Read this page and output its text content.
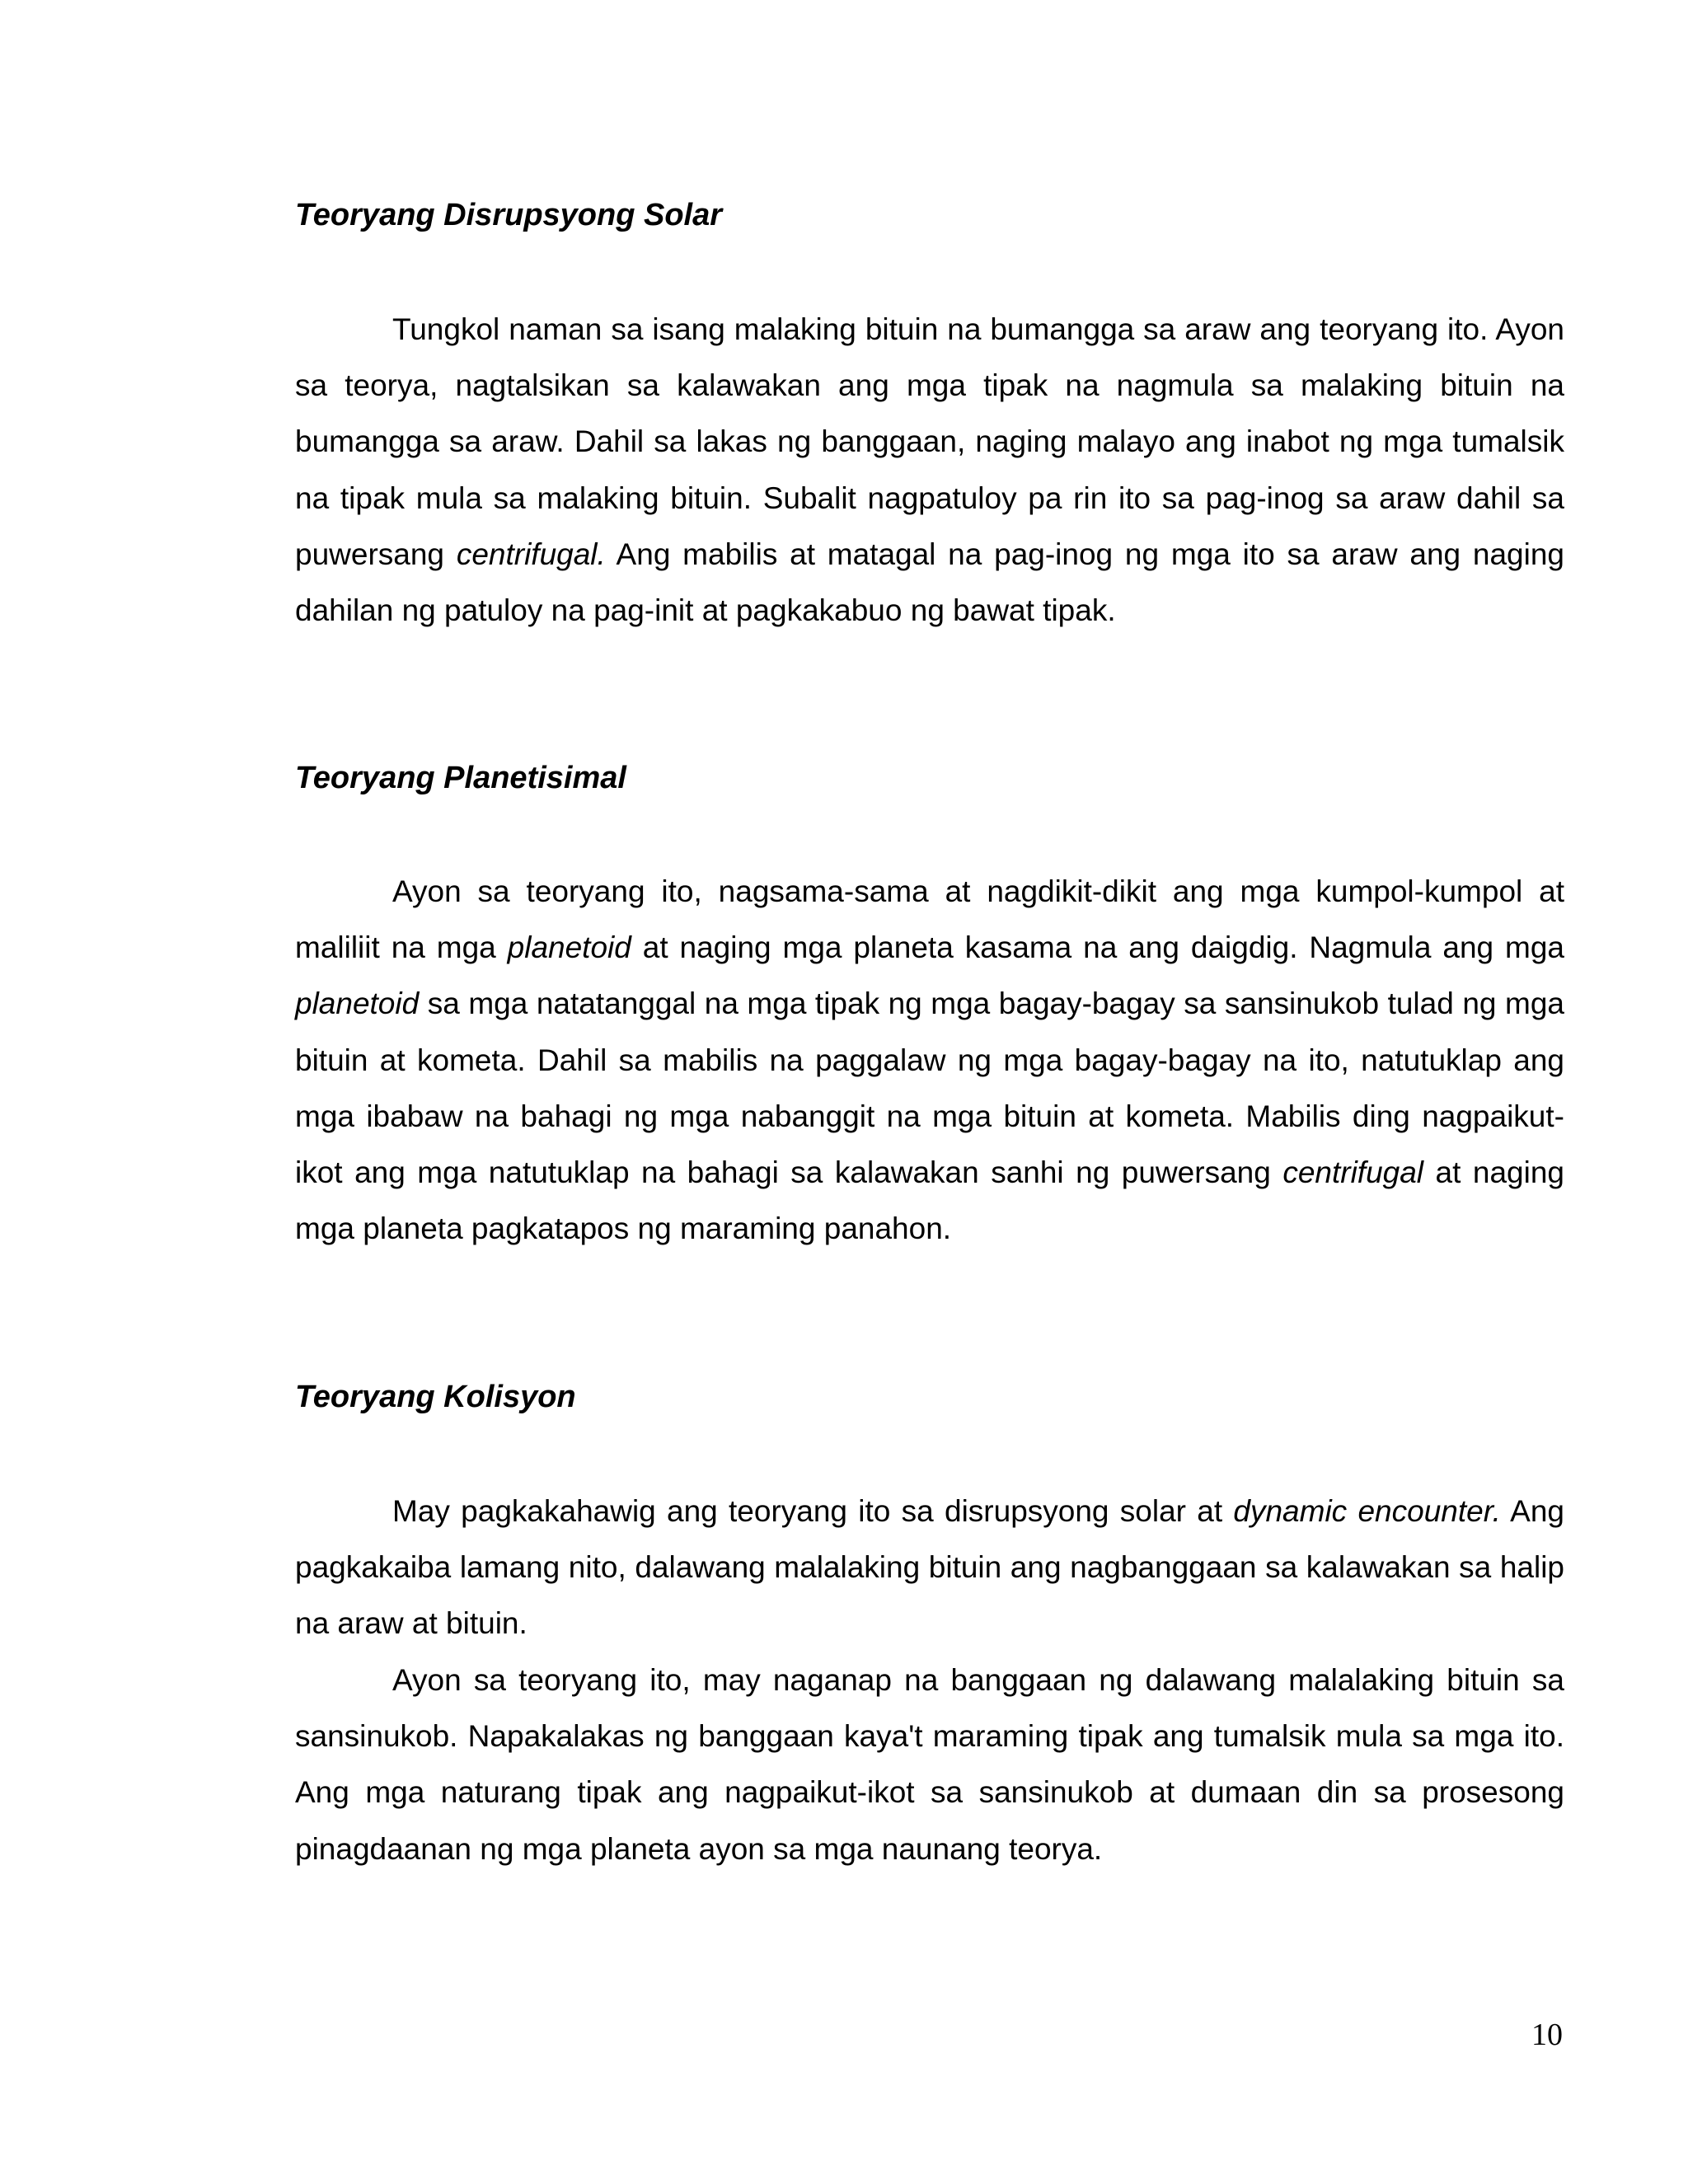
Teoryang Disrupsyong Solar

Tungkol naman sa isang malaking bituin na bumangga sa araw ang teoryang ito. Ayon sa teorya, nagtalsikan sa kalawakan ang mga tipak na nagmula sa malaking bituin na bumangga sa araw. Dahil sa lakas ng banggaan, naging malayo ang inabot ng mga tumalsik na tipak mula sa malaking bituin. Subalit nagpatuloy pa rin ito sa pag-inog sa araw dahil sa puwersang centrifugal. Ang mabilis at matagal na pag-inog ng mga ito sa araw ang naging dahilan ng patuloy na pag-init at pagkakabuo ng bawat tipak.

Teoryang Planetisimal

Ayon sa teoryang ito, nagsama-sama at nagdikit-dikit ang mga kumpol-kumpol at maliliit na mga planetoid at naging mga planeta kasama na ang daigdig. Nagmula ang mga planetoid sa mga natatanggal na mga tipak ng mga bagay-bagay sa sansinukob tulad ng mga bituin at kometa. Dahil sa mabilis na paggalaw ng mga bagay-bagay na ito, natutuklap ang mga ibabaw na bahagi ng mga nabanggit na mga bituin at kometa. Mabilis ding nagpaikut-ikot ang mga natutuklap na bahagi sa kalawakan sanhi ng puwersang centrifugal at naging mga planeta pagkatapos ng maraming panahon.

Teoryang Kolisyon

May pagkakahawig ang teoryang ito sa disrupsyong solar at dynamic encounter. Ang pagkakaiba lamang nito, dalawang malalaking bituin ang nagbanggaan sa kalawakan sa halip na araw at bituin.

Ayon sa teoryang ito, may naganap na banggaan ng dalawang malalaking bituin sa sansinukob. Napakalakas ng banggaan kaya't maraming tipak ang tumalsik mula sa mga ito. Ang mga naturang tipak ang nagpaikut-ikot sa sansinukob at dumaan din sa prosesong pinagdaanan ng mga planeta ayon sa mga naunang teorya.

10
